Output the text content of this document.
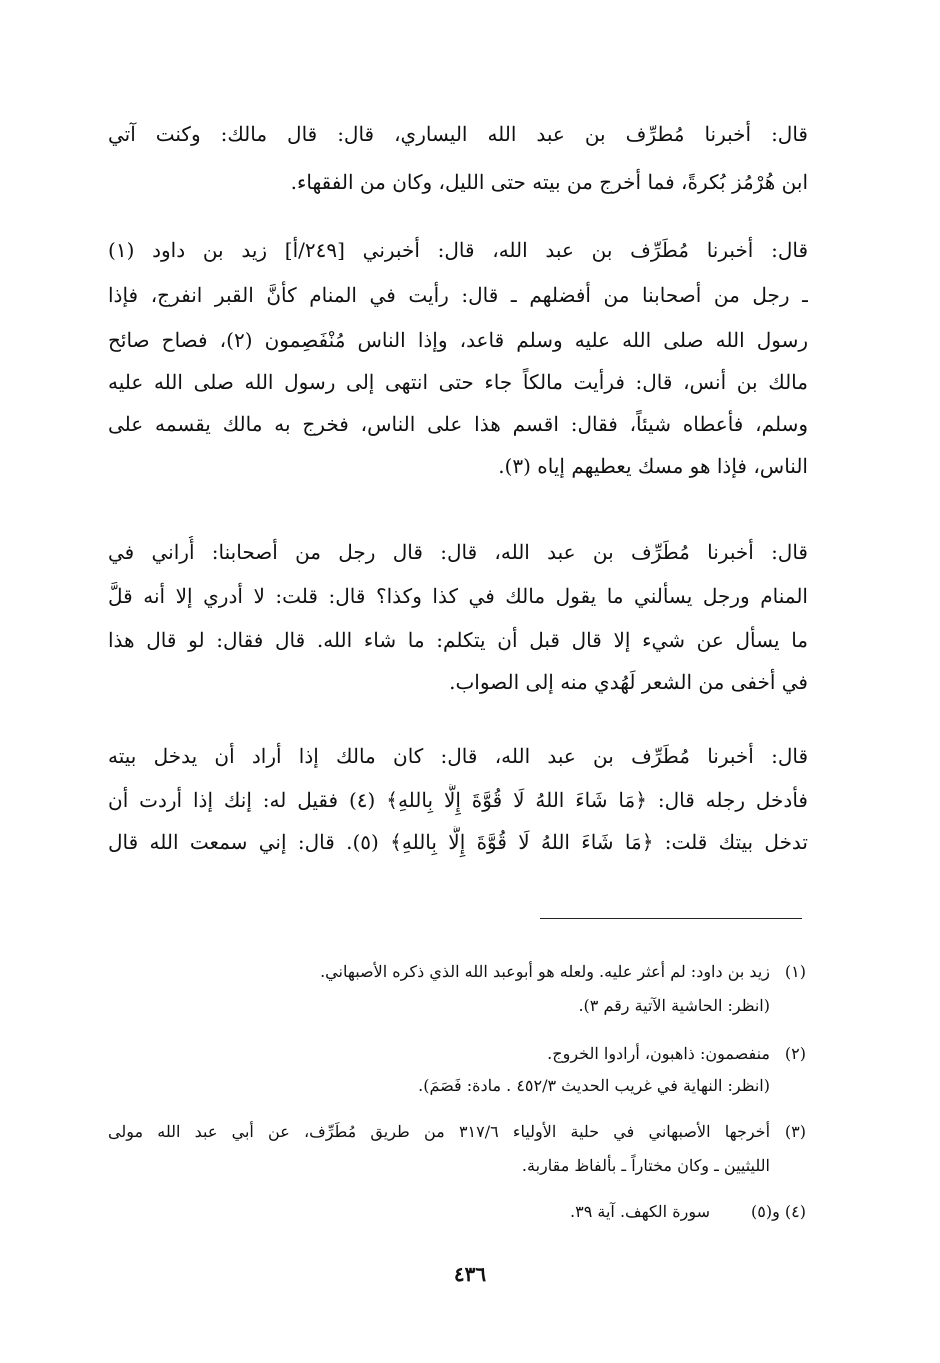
قال: أخبرنا مُطرِّف بن عبد الله اليساري، قال: قال مالك: وكنت آتي
ابن هُرْمُز بُكرةً، فما أخرج من بيته حتى الليل، وكان من الفقهاء.
قال: أخبرنا مُطَرِّف بن عبد الله، قال: أخبرني [٢٤٩/أ] زيد بن داود (١)
ـ رجل من أصحابنا من أفضلهم ـ قال: رأيت في المنام كأنَّ القبر انفرج، فإذا
رسول الله صلى الله عليه وسلم قاعد، وإذا الناس مُنْفَصِمون (٢)، فصاح صائح
مالك بن أنس، قال: فرأيت مالكاً جاء حتى انتهى إلى رسول الله صلى الله عليه
وسلم، فأعطاه شيئاً، فقال: اقسم هذا على الناس، فخرج به مالك يقسمه على
الناس، فإذا هو مسك يعطيهم إياه (٣).
قال: أخبرنا مُطَرِّف بن عبد الله، قال: قال رجل من أصحابنا: أُراني في
المنام ورجل يسألني ما يقول مالك في كذا وكذا؟ قال: قلت: لا أدري إلا أنه قلَّ
ما يسأل عن شيء إلا قال قبل أن يتكلم: ما شاء الله. قال فقال: لو قال هذا
في أخفى من الشعر لَهُدي منه إلى الصواب.
قال: أخبرنا مُطَرِّف بن عبد الله، قال: كان مالك إذا أراد أن يدخل بيته
فأدخل رجله قال: ﴿مَا شَاءَ اللهُ لَا قُوَّةَ إِلَّا بِاللهِ﴾ (٤) فقيل له: إنك إذا أردت أن
تدخل بيتك قلت: ﴿مَا شَاءَ اللهُ لَا قُوَّةَ إِلَّا بِاللهِ﴾ (٥). قال: إني سمعت الله قال
(١)
زيد بن داود: لم أعثر عليه. ولعله هو أبوعبد الله الذي ذكره الأصبهاني.
(انظر: الحاشية الآتية رقم ٣).
(٢)
منفصمون: ذاهبون، أرادوا الخروج.
(انظر: النهاية في غريب الحديث ٤٥٢/٣ . مادة: فَصَمَ).
(٣)
أخرجها الأصبهاني في حلية الأولياء ٣١٧/٦ من طريق مُطَرِّف، عن أبي عبد الله مولى
الليثيين ـ وكان مختاراً ـ بألفاظ مقاربة.
(٤) و(٥)
سورة الكهف. آية ٣٩.
٤٣٦
